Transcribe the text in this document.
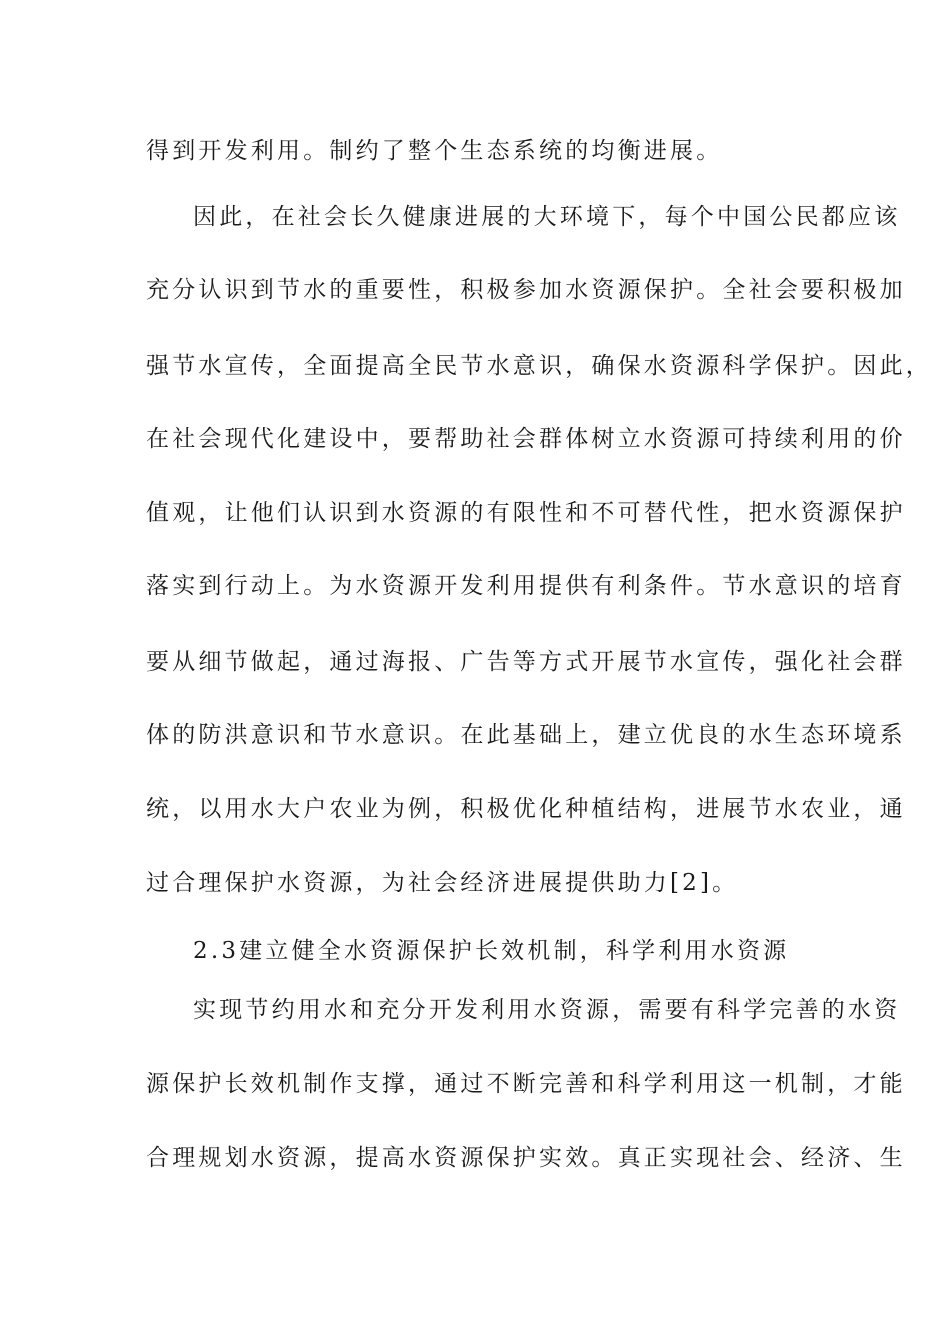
得到开发利用。制约了整个生态系统的均衡进展。
因此，在社会长久健康进展的大环境下，每个中国公民都应该
充分认识到节水的重要性，积极参加水资源保护。全社会要积极加
强节水宣传，全面提高全民节水意识，确保水资源科学保护。因此，
在社会现代化建设中，要帮助社会群体树立水资源可持续利用的价
值观，让他们认识到水资源的有限性和不可替代性，把水资源保护
落实到行动上。为水资源开发利用提供有利条件。节水意识的培育
要从细节做起，通过海报、广告等方式开展节水宣传，强化社会群
体的防洪意识和节水意识。在此基础上，建立优良的水生态环境系
统，以用水大户农业为例，积极优化种植结构，进展节水农业，通
过合理保护水资源，为社会经济进展提供助力[2]。
2.3建立健全水资源保护长效机制，科学利用水资源
实现节约用水和充分开发利用水资源，需要有科学完善的水资
源保护长效机制作支撑，通过不断完善和科学利用这一机制，才能
合理规划水资源，提高水资源保护实效。真正实现社会、经济、生
